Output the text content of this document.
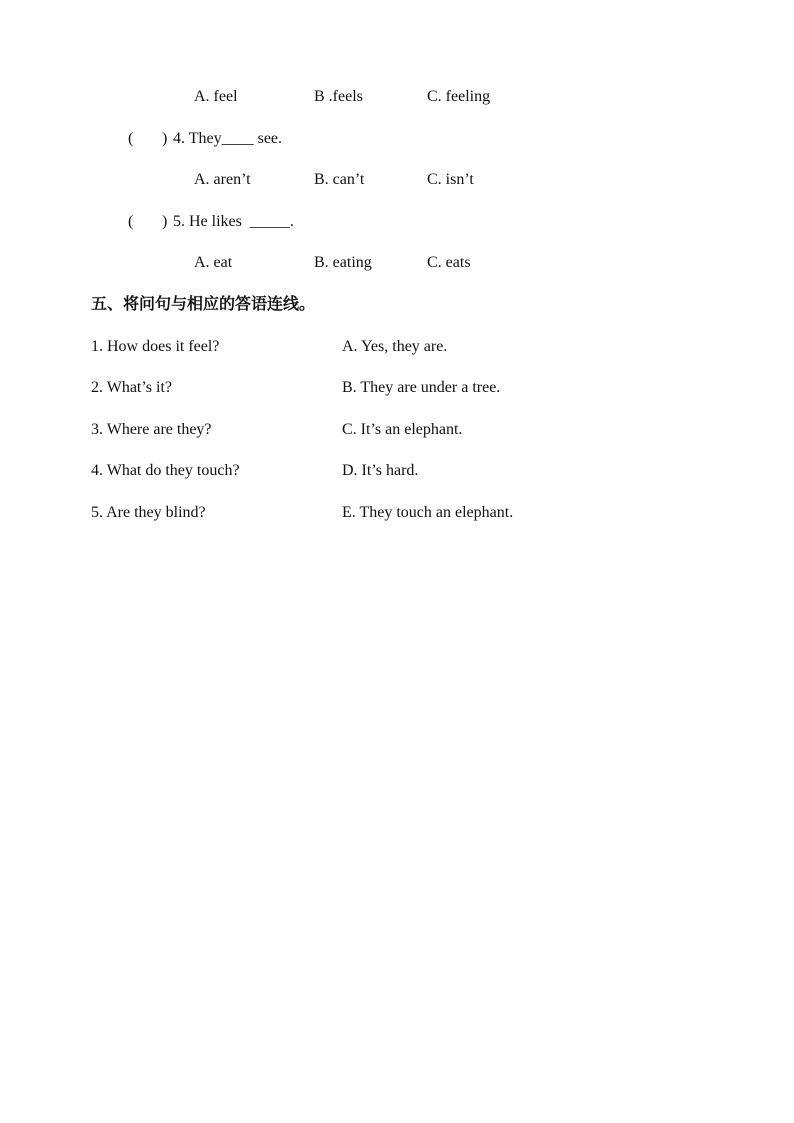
A. feel	B .feels	C. feeling
( ) 4. They____ see.
A. aren’t	B. can’t	C. isn’t
( ) 5. He likes  _____.
A. eat	B. eating	C. eats
五、将问句与相应的答语连线。
1. How does it feel?	A. Yes, they are.
2. What’s it?	B. They are under a tree.
3. Where are they?	C. It’s an elephant.
4. What do they touch?	D. It’s hard.
5. Are they blind?	E. They touch an elephant.
